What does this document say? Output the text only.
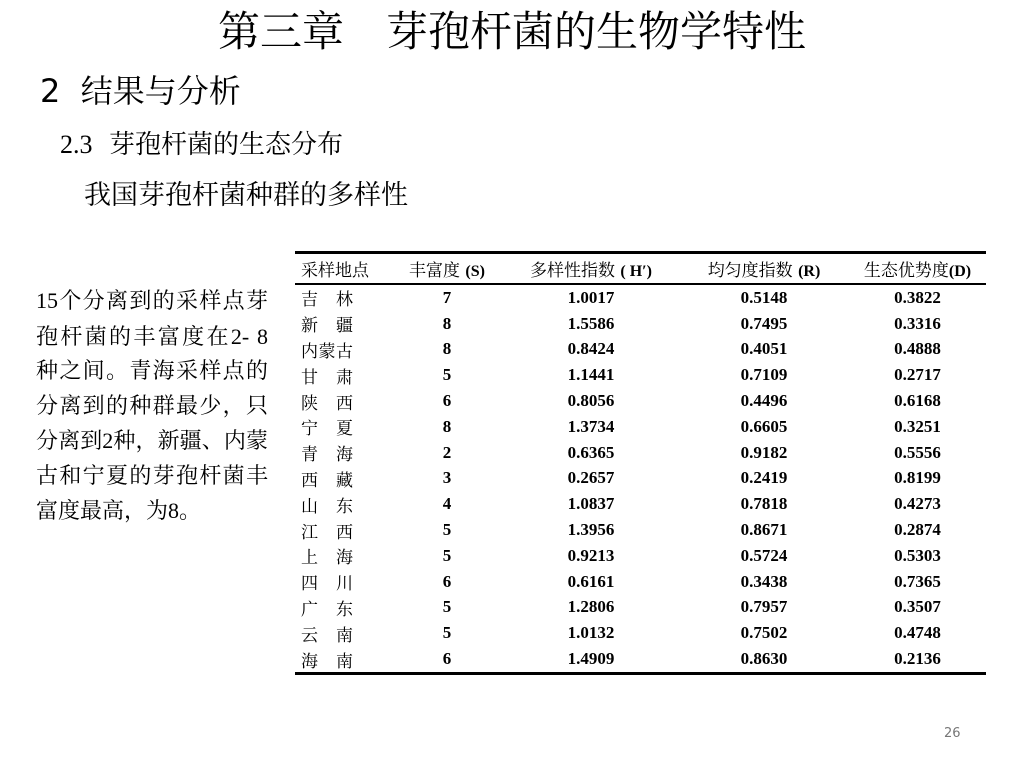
第三章　芽孢杆菌的生物学特性
2  结果与分析
2.3  芽孢杆菌的生态分布
我国芽孢杆菌种群的多样性
15个分离到的采样点芽孢杆菌的丰富度在2- 8种之间。青海采样点的分离到的种群最少，只分离到2种，新疆、内蒙古和宁夏的芽孢杆菌丰富度最高，为8。
采样地点	丰富度 (S)	多样性指数 ( H′)	均匀度指数 (R)	生态优势度(D)
吉　林	7	1.0017	0.5148	0.3822
新　疆	8	1.5586	0.7495	0.3316
内蒙古	8	0.8424	0.4051	0.4888
甘　肃	5	1.1441	0.7109	0.2717
陕　西	6	0.8056	0.4496	0.6168
宁　夏	8	1.3734	0.6605	0.3251
青　海	2	0.6365	0.9182	0.5556
西　藏	3	0.2657	0.2419	0.8199
山　东	4	1.0837	0.7818	0.4273
江　西	5	1.3956	0.8671	0.2874
上　海	5	0.9213	0.5724	0.5303
四　川	6	0.6161	0.3438	0.7365
广　东	5	1.2806	0.7957	0.3507
云　南	5	1.0132	0.7502	0.4748
海　南	6	1.4909	0.8630	0.2136
26
